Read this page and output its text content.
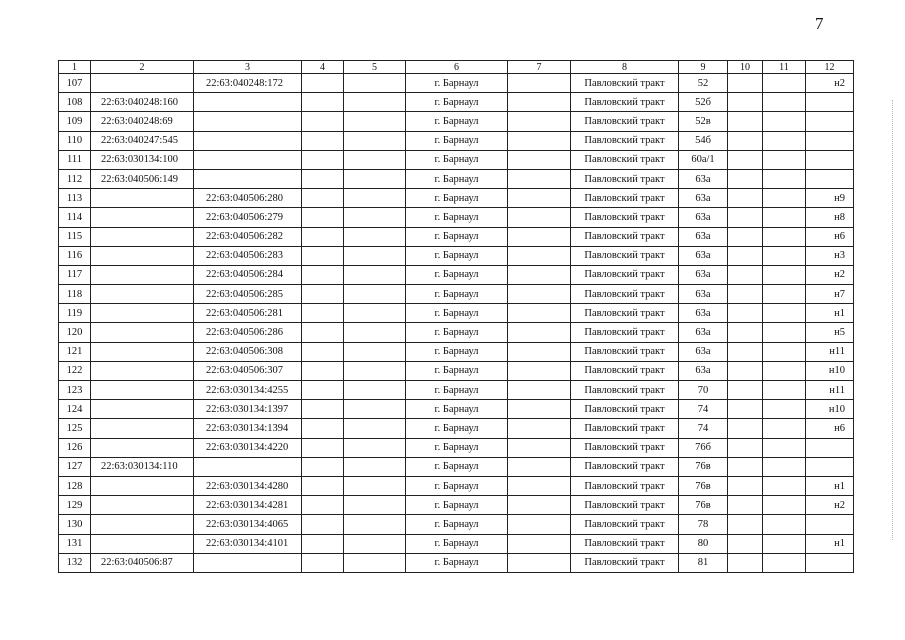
7
1	2	3	4	5	6	7	8	9	10	11	12
107		22:63:040248:172			г. Барнаул		Павловский тракт	52			н2
108	22:63:040248:160				г. Барнаул		Павловский тракт	52б			
109	22:63:040248:69				г. Барнаул		Павловский тракт	52в			
110	22:63:040247:545				г. Барнаул		Павловский тракт	54б			
111	22:63:030134:100				г. Барнаул		Павловский тракт	60а/1			
112	22:63:040506:149				г. Барнаул		Павловский тракт	63а			
113		22:63:040506:280			г. Барнаул		Павловский тракт	63а			н9
114		22:63:040506:279			г. Барнаул		Павловский тракт	63а			н8
115		22:63:040506:282			г. Барнаул		Павловский тракт	63а			н6
116		22:63:040506:283			г. Барнаул		Павловский тракт	63а			н3
117		22:63:040506:284			г. Барнаул		Павловский тракт	63а			н2
118		22:63:040506:285			г. Барнаул		Павловский тракт	63а			н7
119		22:63:040506:281			г. Барнаул		Павловский тракт	63а			н1
120		22:63:040506:286			г. Барнаул		Павловский тракт	63а			н5
121		22:63:040506:308			г. Барнаул		Павловский тракт	63а			н11
122		22:63:040506:307			г. Барнаул		Павловский тракт	63а			н10
123		22:63:030134:4255			г. Барнаул		Павловский тракт	70			н11
124		22:63:030134:1397			г. Барнаул		Павловский тракт	74			н10
125		22:63:030134:1394			г. Барнаул		Павловский тракт	74			н6
126		22:63:030134:4220			г. Барнаул		Павловский тракт	76б			
127	22:63:030134:110				г. Барнаул		Павловский тракт	76в			
128		22:63:030134:4280			г. Барнаул		Павловский тракт	76в			н1
129		22:63:030134:4281			г. Барнаул		Павловский тракт	76в			н2
130		22:63:030134:4065			г. Барнаул		Павловский тракт	78			
131		22:63:030134:4101			г. Барнаул		Павловский тракт	80			н1
132	22:63:040506:87				г. Барнаул		Павловский тракт	81			
